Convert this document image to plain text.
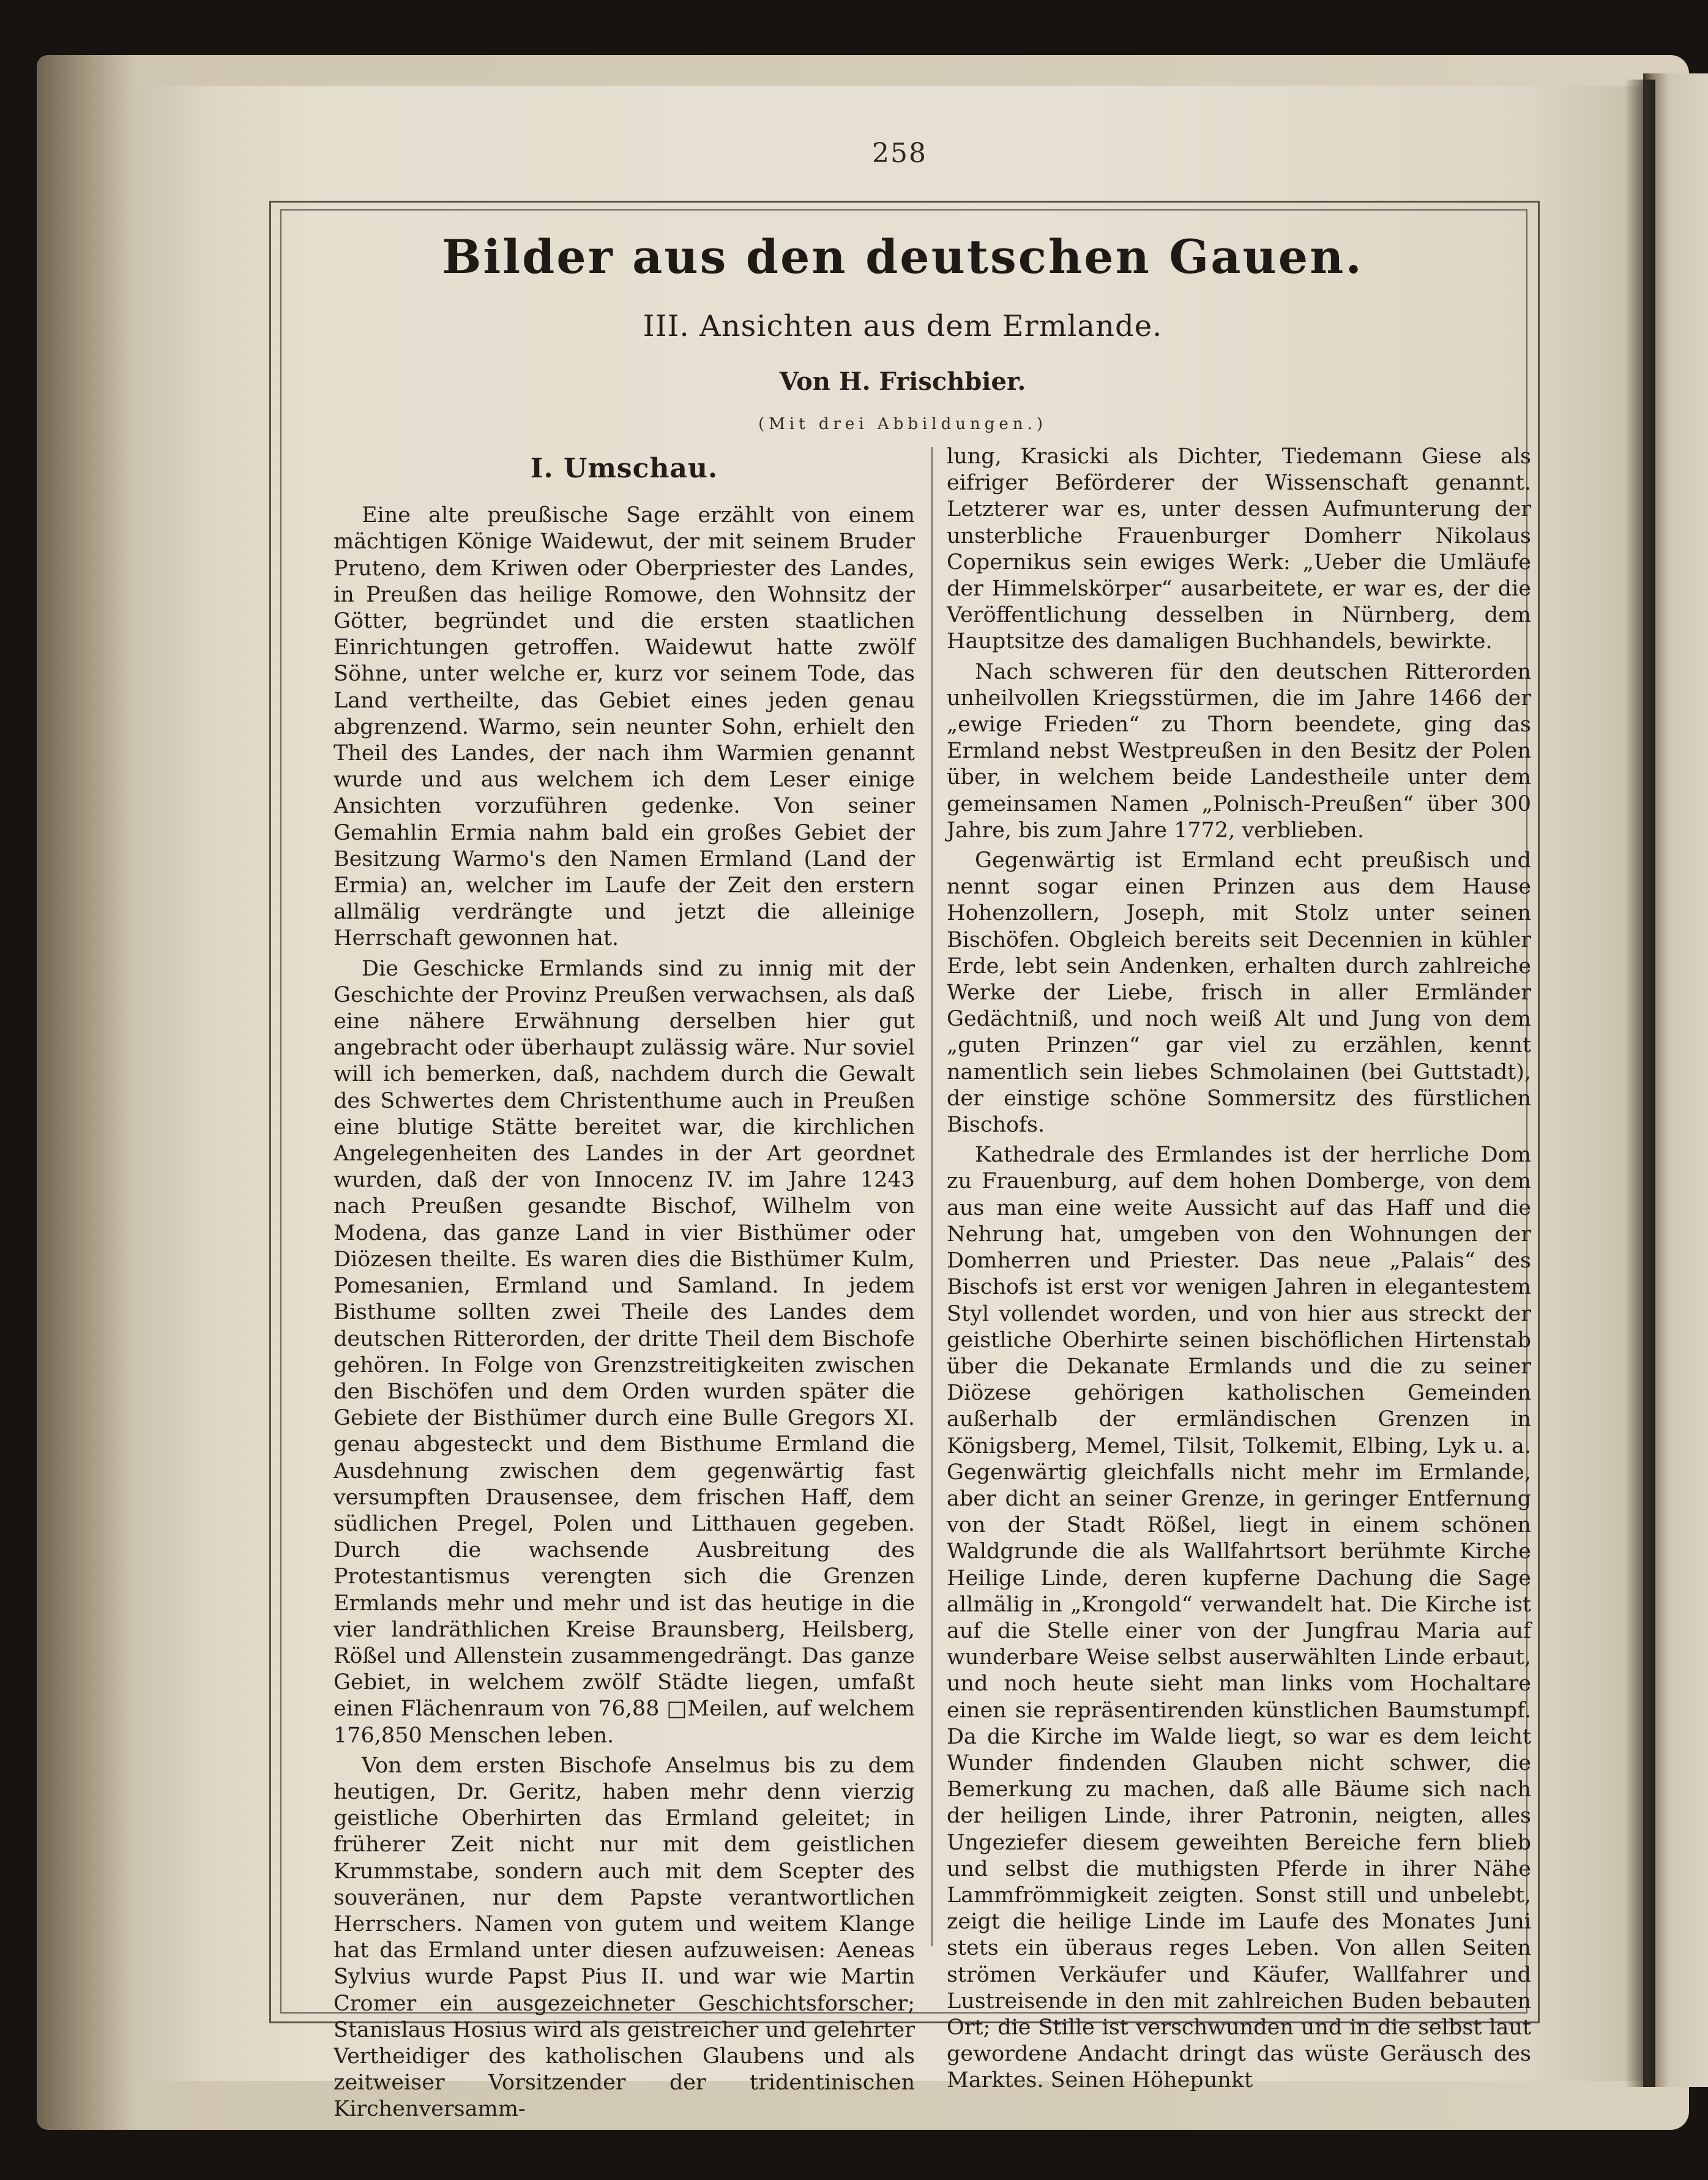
258
Bilder aus den deutschen Gauen.
III. Ansichten aus dem Ermlande.
Von H. Frischbier.
(Mit drei Abbildungen.)
I. Umschau.

Eine alte preußische Sage erzählt von einem mächtigen Könige Waidewut, der mit seinem Bruder Pruteno, dem Kriwen oder Oberpriester des Landes, in Preußen das heilige Romowe, den Wohnsitz der Götter, begründet und die ersten staatlichen Einrichtungen getroffen. Waidewut hatte zwölf Söhne, unter welche er, kurz vor seinem Tode, das Land vertheilte, das Gebiet eines jeden genau abgrenzend. Warmo, sein neunter Sohn, erhielt den Theil des Landes, der nach ihm Warmien genannt wurde und aus welchem ich dem Leser einige Ansichten vorzuführen gedenke. Von seiner Gemahlin Ermia nahm bald ein großes Gebiet der Besitzung Warmo's den Namen Ermland (Land der Ermia) an, welcher im Laufe der Zeit den erstern allmälig verdrängte und jetzt die alleinige Herrschaft gewonnen hat.

Die Geschicke Ermlands sind zu innig mit der Geschichte der Provinz Preußen verwachsen, als daß eine nähere Erwähnung derselben hier gut angebracht oder überhaupt zulässig wäre. Nur soviel will ich bemerken, daß, nachdem durch die Gewalt des Schwertes dem Christenthume auch in Preußen eine blutige Stätte bereitet war, die kirchlichen Angelegenheiten des Landes in der Art geordnet wurden, daß der von Innocenz IV. im Jahre 1243 nach Preußen gesandte Bischof, Wilhelm von Modena, das ganze Land in vier Bisthümer oder Diözesen theilte. Es waren dies die Bisthümer Kulm, Pomesanien, Ermland und Samland. In jedem Bisthume sollten zwei Theile des Landes dem deutschen Ritterorden, der dritte Theil dem Bischofe gehören. In Folge von Grenzstreitigkeiten zwischen den Bischöfen und dem Orden wurden später die Gebiete der Bisthümer durch eine Bulle Gregors XI. genau abgesteckt und dem Bisthume Ermland die Ausdehnung zwischen dem gegenwärtig fast versumpften Drausensee, dem frischen Haff, dem südlichen Pregel, Polen und Litthauen gegeben. Durch die wachsende Ausbreitung des Protestantismus verengten sich die Grenzen Ermlands mehr und mehr und ist das heutige in die vier landräthlichen Kreise Braunsberg, Heilsberg, Rößel und Allenstein zusammengedrängt. Das ganze Gebiet, in welchem zwölf Städte liegen, umfaßt einen Flächenraum von 76,88 □Meilen, auf welchem 176,850 Menschen leben.

Von dem ersten Bischofe Anselmus bis zu dem heutigen, Dr. Geritz, haben mehr denn vierzig geistliche Oberhirten das Ermland geleitet; in früherer Zeit nicht nur mit dem geistlichen Krummstabe, sondern auch mit dem Scepter des souveränen, nur dem Papste verantwortlichen Herrschers. Namen von gutem und weitem Klange hat das Ermland unter diesen aufzuweisen: Aeneas Sylvius wurde Papst Pius II. und war wie Martin Cromer ein ausgezeichneter Geschichtsforscher; Stanislaus Hosius wird als geistreicher und gelehrter Vertheidiger des katholischen Glaubens und als zeitweiser Vorsitzender der tridentinischen Kirchenversamm-

lung, Krasicki als Dichter, Tiedemann Giese als eifriger Beförderer der Wissenschaft genannt. Letzterer war es, unter dessen Aufmunterung der unsterbliche Frauenburger Domherr Nikolaus Copernikus sein ewiges Werk: „Ueber die Umläufe der Himmelskörper“ ausarbeitete, er war es, der die Veröffentlichung desselben in Nürnberg, dem Hauptsitze des damaligen Buchhandels, bewirkte.

Nach schweren für den deutschen Ritterorden unheilvollen Kriegsstürmen, die im Jahre 1466 der „ewige Frieden“ zu Thorn beendete, ging das Ermland nebst Westpreußen in den Besitz der Polen über, in welchem beide Landestheile unter dem gemeinsamen Namen „Polnisch-Preußen“ über 300 Jahre, bis zum Jahre 1772, verblieben.

Gegenwärtig ist Ermland echt preußisch und nennt sogar einen Prinzen aus dem Hause Hohenzollern, Joseph, mit Stolz unter seinen Bischöfen. Obgleich bereits seit Decennien in kühler Erde, lebt sein Andenken, erhalten durch zahlreiche Werke der Liebe, frisch in aller Ermländer Gedächtniß, und noch weiß Alt und Jung von dem „guten Prinzen“ gar viel zu erzählen, kennt namentlich sein liebes Schmolainen (bei Guttstadt), der einstige schöne Sommersitz des fürstlichen Bischofs.

Kathedrale des Ermlandes ist der herrliche Dom zu Frauenburg, auf dem hohen Domberge, von dem aus man eine weite Aussicht auf das Haff und die Nehrung hat, umgeben von den Wohnungen der Domherren und Priester. Das neue „Palais“ des Bischofs ist erst vor wenigen Jahren in elegantestem Styl vollendet worden, und von hier aus streckt der geistliche Oberhirte seinen bischöflichen Hirtenstab über die Dekanate Ermlands und die zu seiner Diözese gehörigen katholischen Gemeinden außerhalb der ermländischen Grenzen in Königsberg, Memel, Tilsit, Tolkemit, Elbing, Lyk u. a. Gegenwärtig gleichfalls nicht mehr im Ermlande, aber dicht an seiner Grenze, in geringer Entfernung von der Stadt Rößel, liegt in einem schönen Waldgrunde die als Wallfahrtsort berühmte Kirche Heilige Linde, deren kupferne Dachung die Sage allmälig in „Krongold“ verwandelt hat. Die Kirche ist auf die Stelle einer von der Jungfrau Maria auf wunderbare Weise selbst auserwählten Linde erbaut, und noch heute sieht man links vom Hochaltare einen sie repräsentirenden künstlichen Baumstumpf. Da die Kirche im Walde liegt, so war es dem leicht Wunder findenden Glauben nicht schwer, die Bemerkung zu machen, daß alle Bäume sich nach der heiligen Linde, ihrer Patronin, neigten, alles Ungeziefer diesem geweihten Bereiche fern blieb und selbst die muthigsten Pferde in ihrer Nähe Lammfrömmigkeit zeigten. Sonst still und unbelebt, zeigt die heilige Linde im Laufe des Monates Juni stets ein überaus reges Leben. Von allen Seiten strömen Verkäufer und Käufer, Wallfahrer und Lustreisende in den mit zahlreichen Buden bebauten Ort; die Stille ist verschwunden und in die selbst laut gewordene Andacht dringt das wüste Geräusch des Marktes. Seinen Höhepunkt
